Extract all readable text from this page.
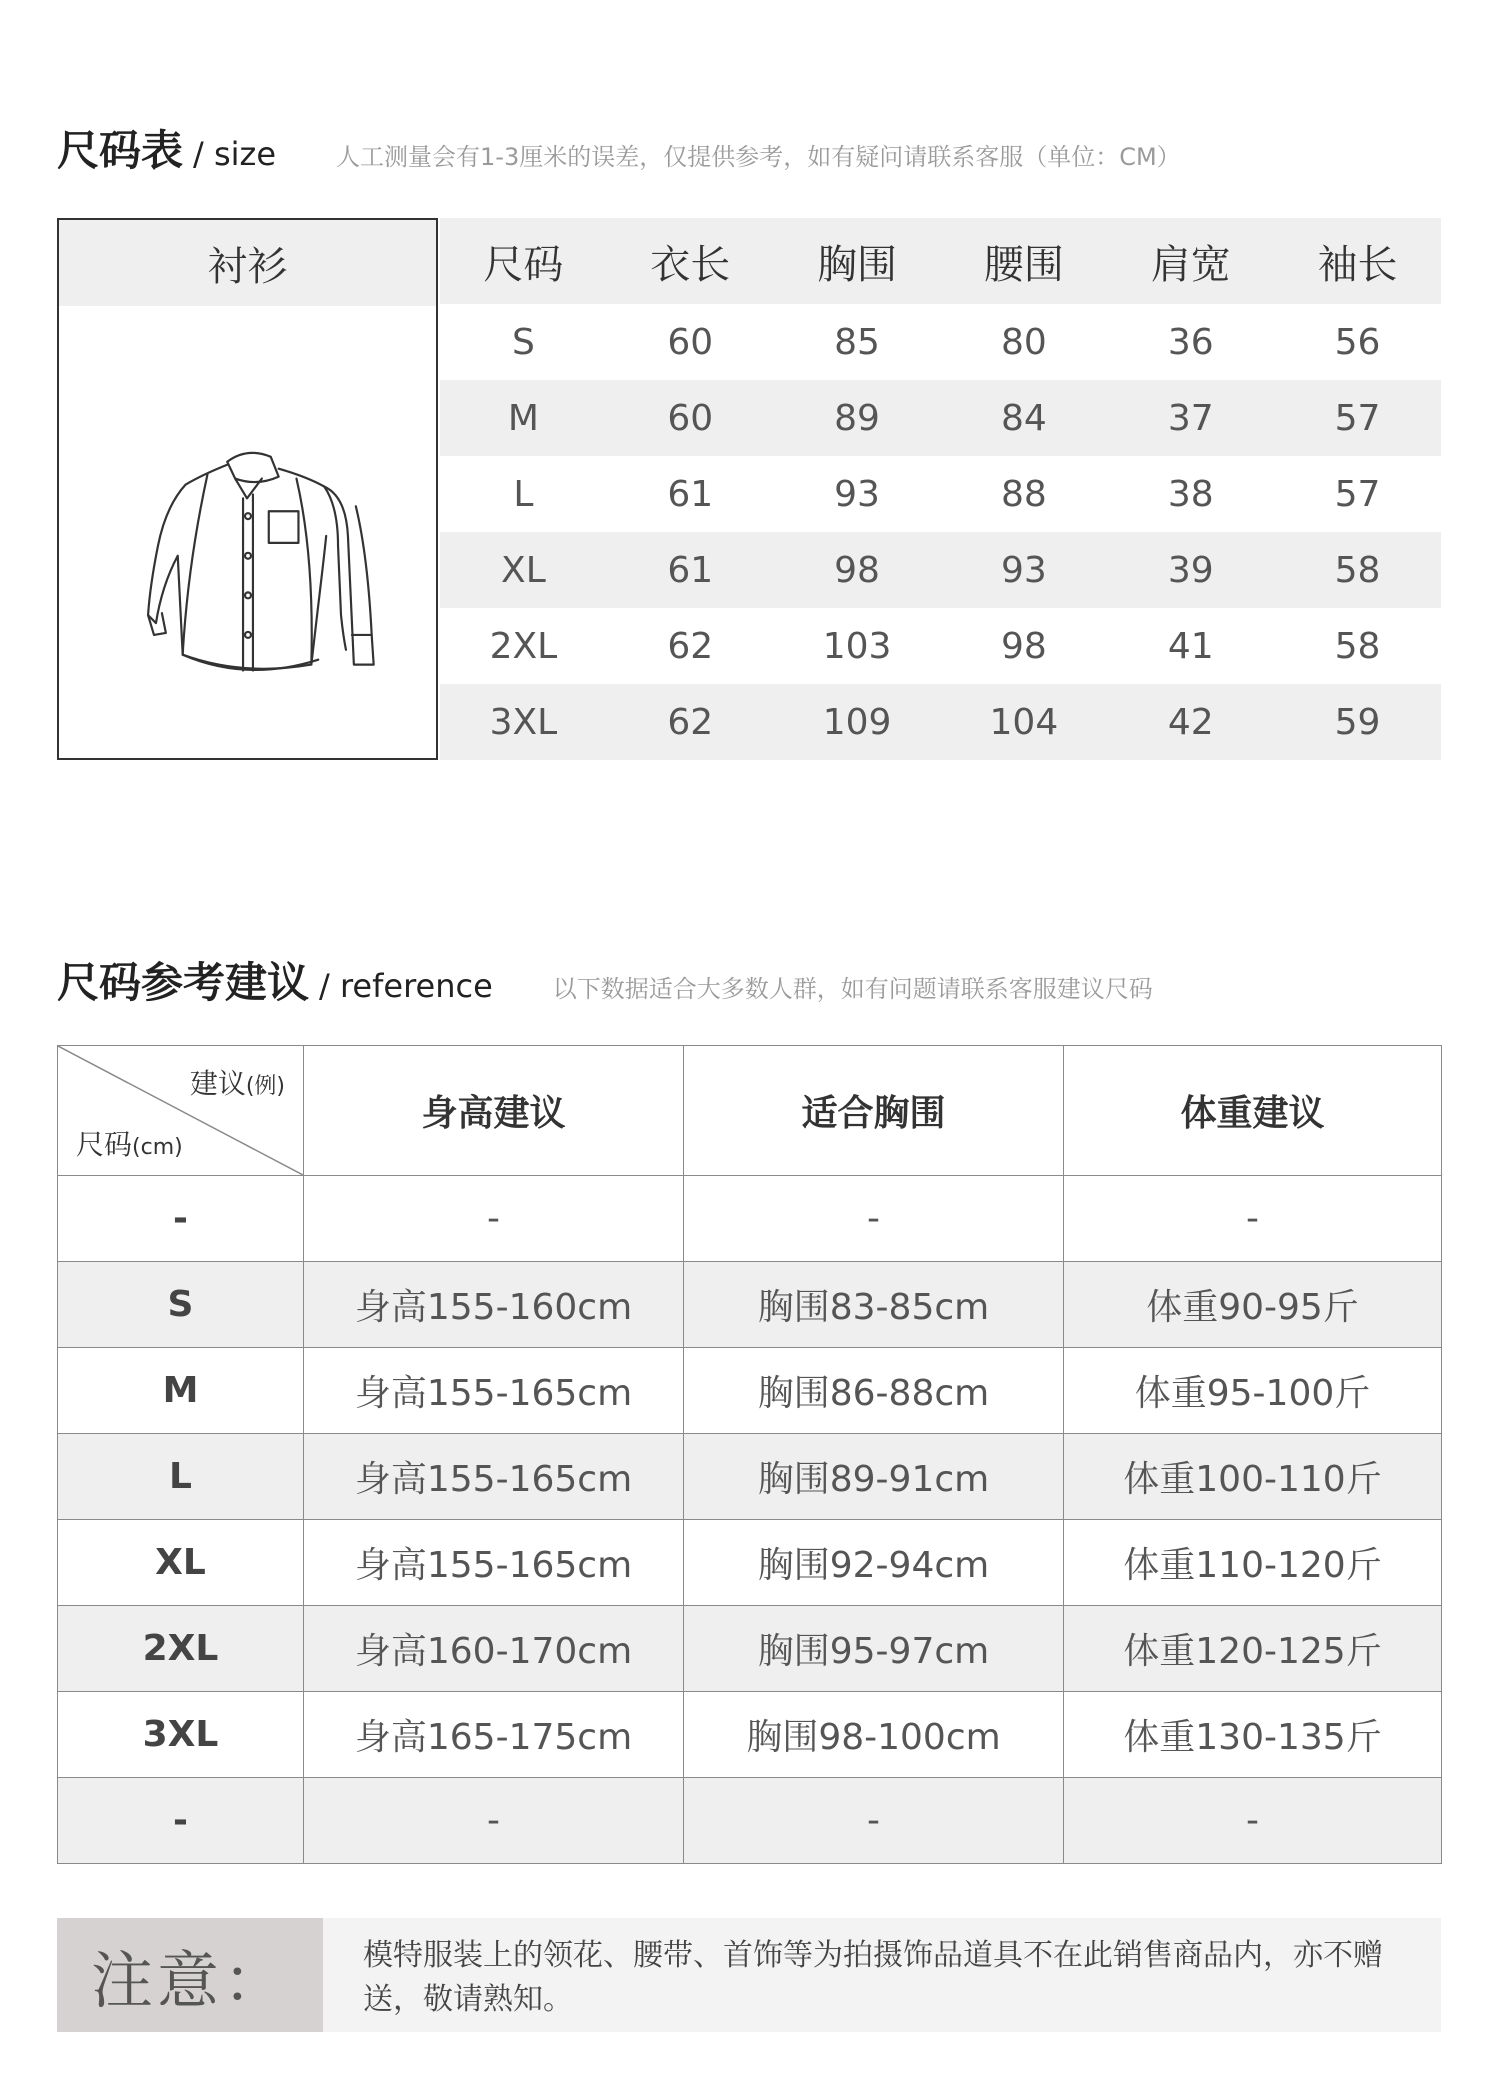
尺码表 / size	人工测量会有1-3厘米的误差，仅提供参考，如有疑问请联系客服（单位：CM）
衬衫	尺码	衣长	胸围	腰围	肩宽	袖长
S	60	85	80	36	56
M	60	89	84	37	57
L	61	93	88	38	57
XL	61	98	93	39	58
2XL	62	103	98	41	58
3XL	62	109	104	42	59
尺码参考建议 / reference	以下数据适合大多数人群，如有问题请联系客服建议尺码
建议(例)
尺码(cm)	身高建议	适合胸围	体重建议
-	-	-	-
S	身高155-160cm	胸围83-85cm	体重90-95斤
M	身高155-165cm	胸围86-88cm	体重95-100斤
L	身高155-165cm	胸围89-91cm	体重100-110斤
XL	身高155-165cm	胸围92-94cm	体重110-120斤
2XL	身高160-170cm	胸围95-97cm	体重120-125斤
3XL	身高165-175cm	胸围98-100cm	体重130-135斤
-	-	-	-
注意：	模特服装上的领花、腰带、首饰等为拍摄饰品道具不在此销售商品内，亦不赠送，敬请熟知。
